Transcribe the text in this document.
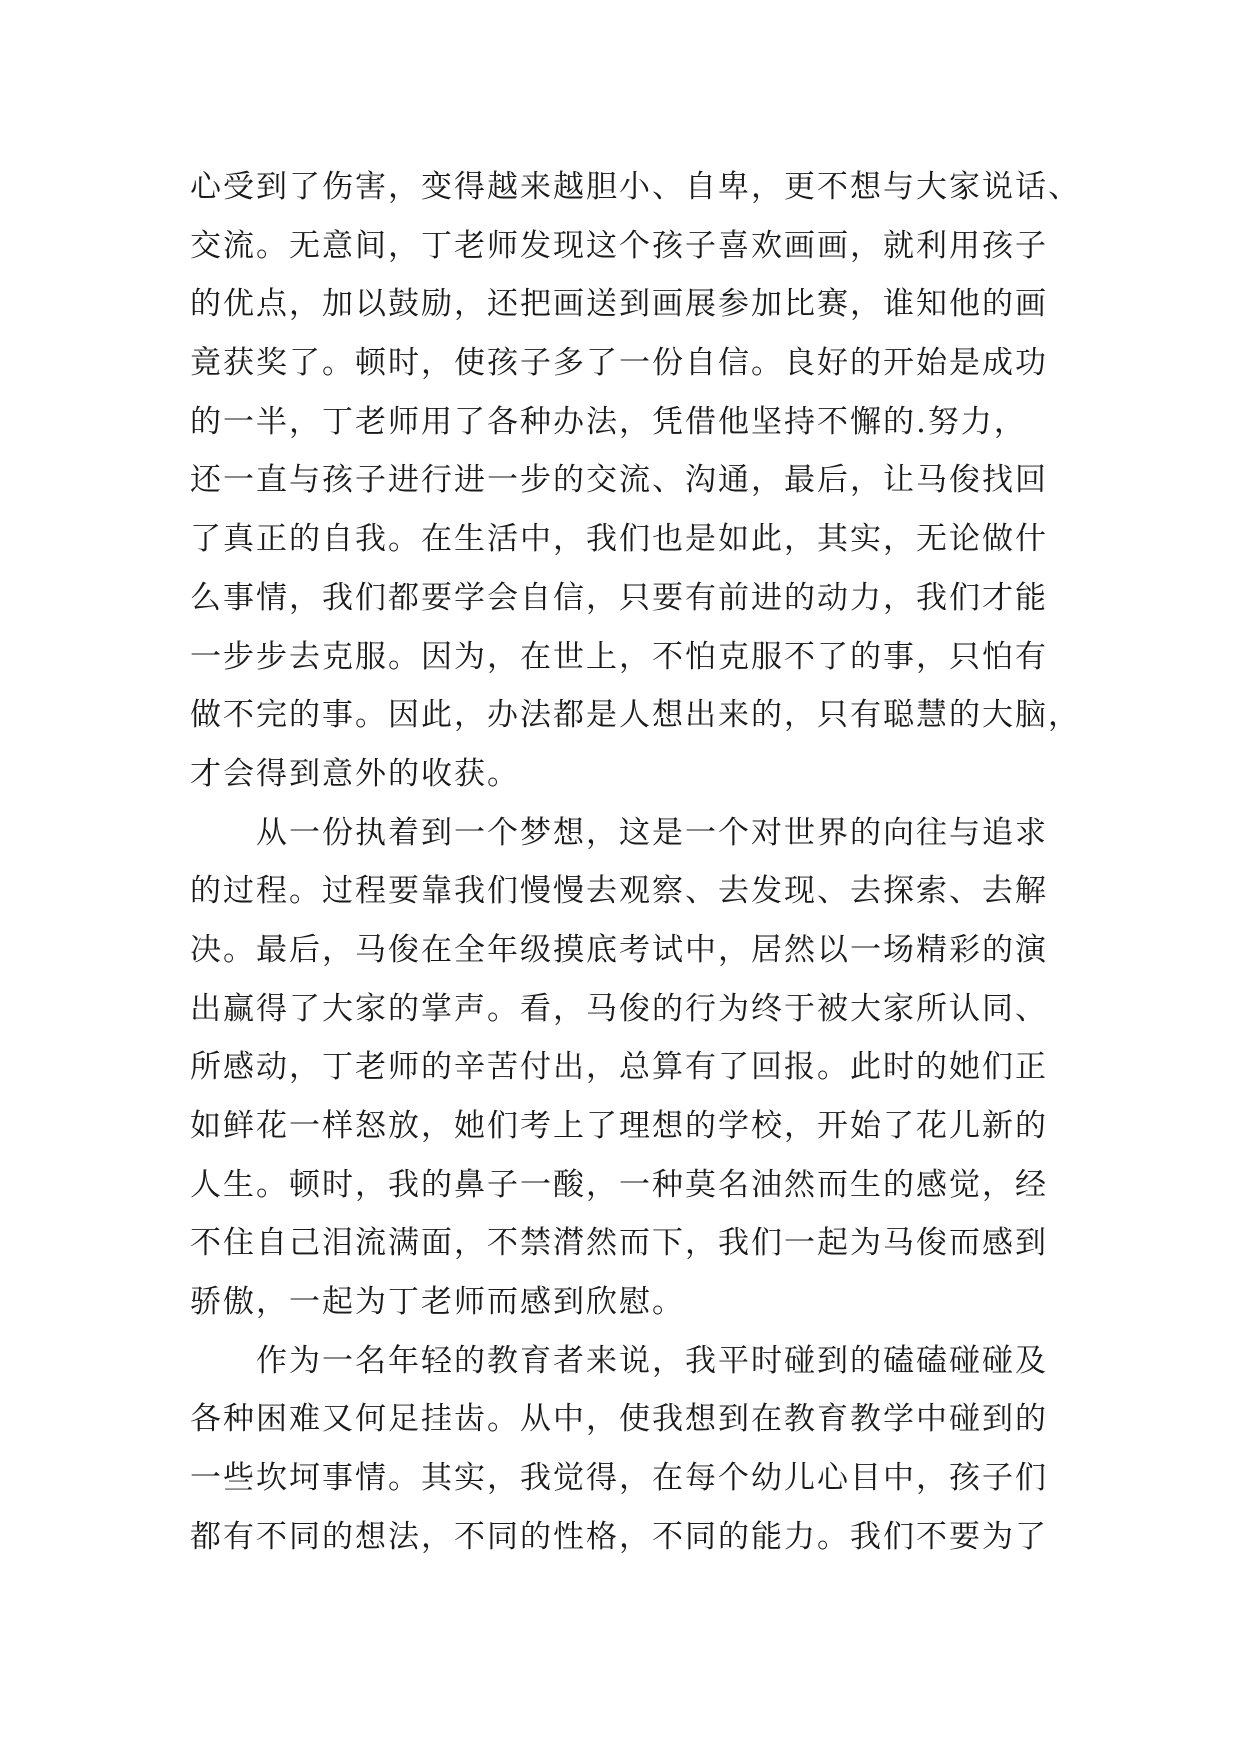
心受到了伤害，变得越来越胆小、自卑，更不想与大家说话、
交流。无意间，丁老师发现这个孩子喜欢画画，就利用孩子
的优点，加以鼓励，还把画送到画展参加比赛，谁知他的画
竟获奖了。顿时，使孩子多了一份自信。良好的开始是成功
的一半，丁老师用了各种办法，凭借他坚持不懈的.努力，
还一直与孩子进行进一步的交流、沟通，最后，让马俊找回
了真正的自我。在生活中，我们也是如此，其实，无论做什
么事情，我们都要学会自信，只要有前进的动力，我们才能
一步步去克服。因为，在世上，不怕克服不了的事，只怕有
做不完的事。因此，办法都是人想出来的，只有聪慧的大脑，
才会得到意外的收获。
从一份执着到一个梦想，这是一个对世界的向往与追求
的过程。过程要靠我们慢慢去观察、去发现、去探索、去解
决。最后，马俊在全年级摸底考试中，居然以一场精彩的演
出赢得了大家的掌声。看，马俊的行为终于被大家所认同、
所感动，丁老师的辛苦付出，总算有了回报。此时的她们正
如鲜花一样怒放，她们考上了理想的学校，开始了花儿新的
人生。顿时，我的鼻子一酸，一种莫名油然而生的感觉，经
不住自己泪流满面，不禁潸然而下，我们一起为马俊而感到
骄傲，一起为丁老师而感到欣慰。
作为一名年轻的教育者来说，我平时碰到的磕磕碰碰及
各种困难又何足挂齿。从中，使我想到在教育教学中碰到的
一些坎坷事情。其实，我觉得，在每个幼儿心目中，孩子们
都有不同的想法，不同的性格，不同的能力。我们不要为了
